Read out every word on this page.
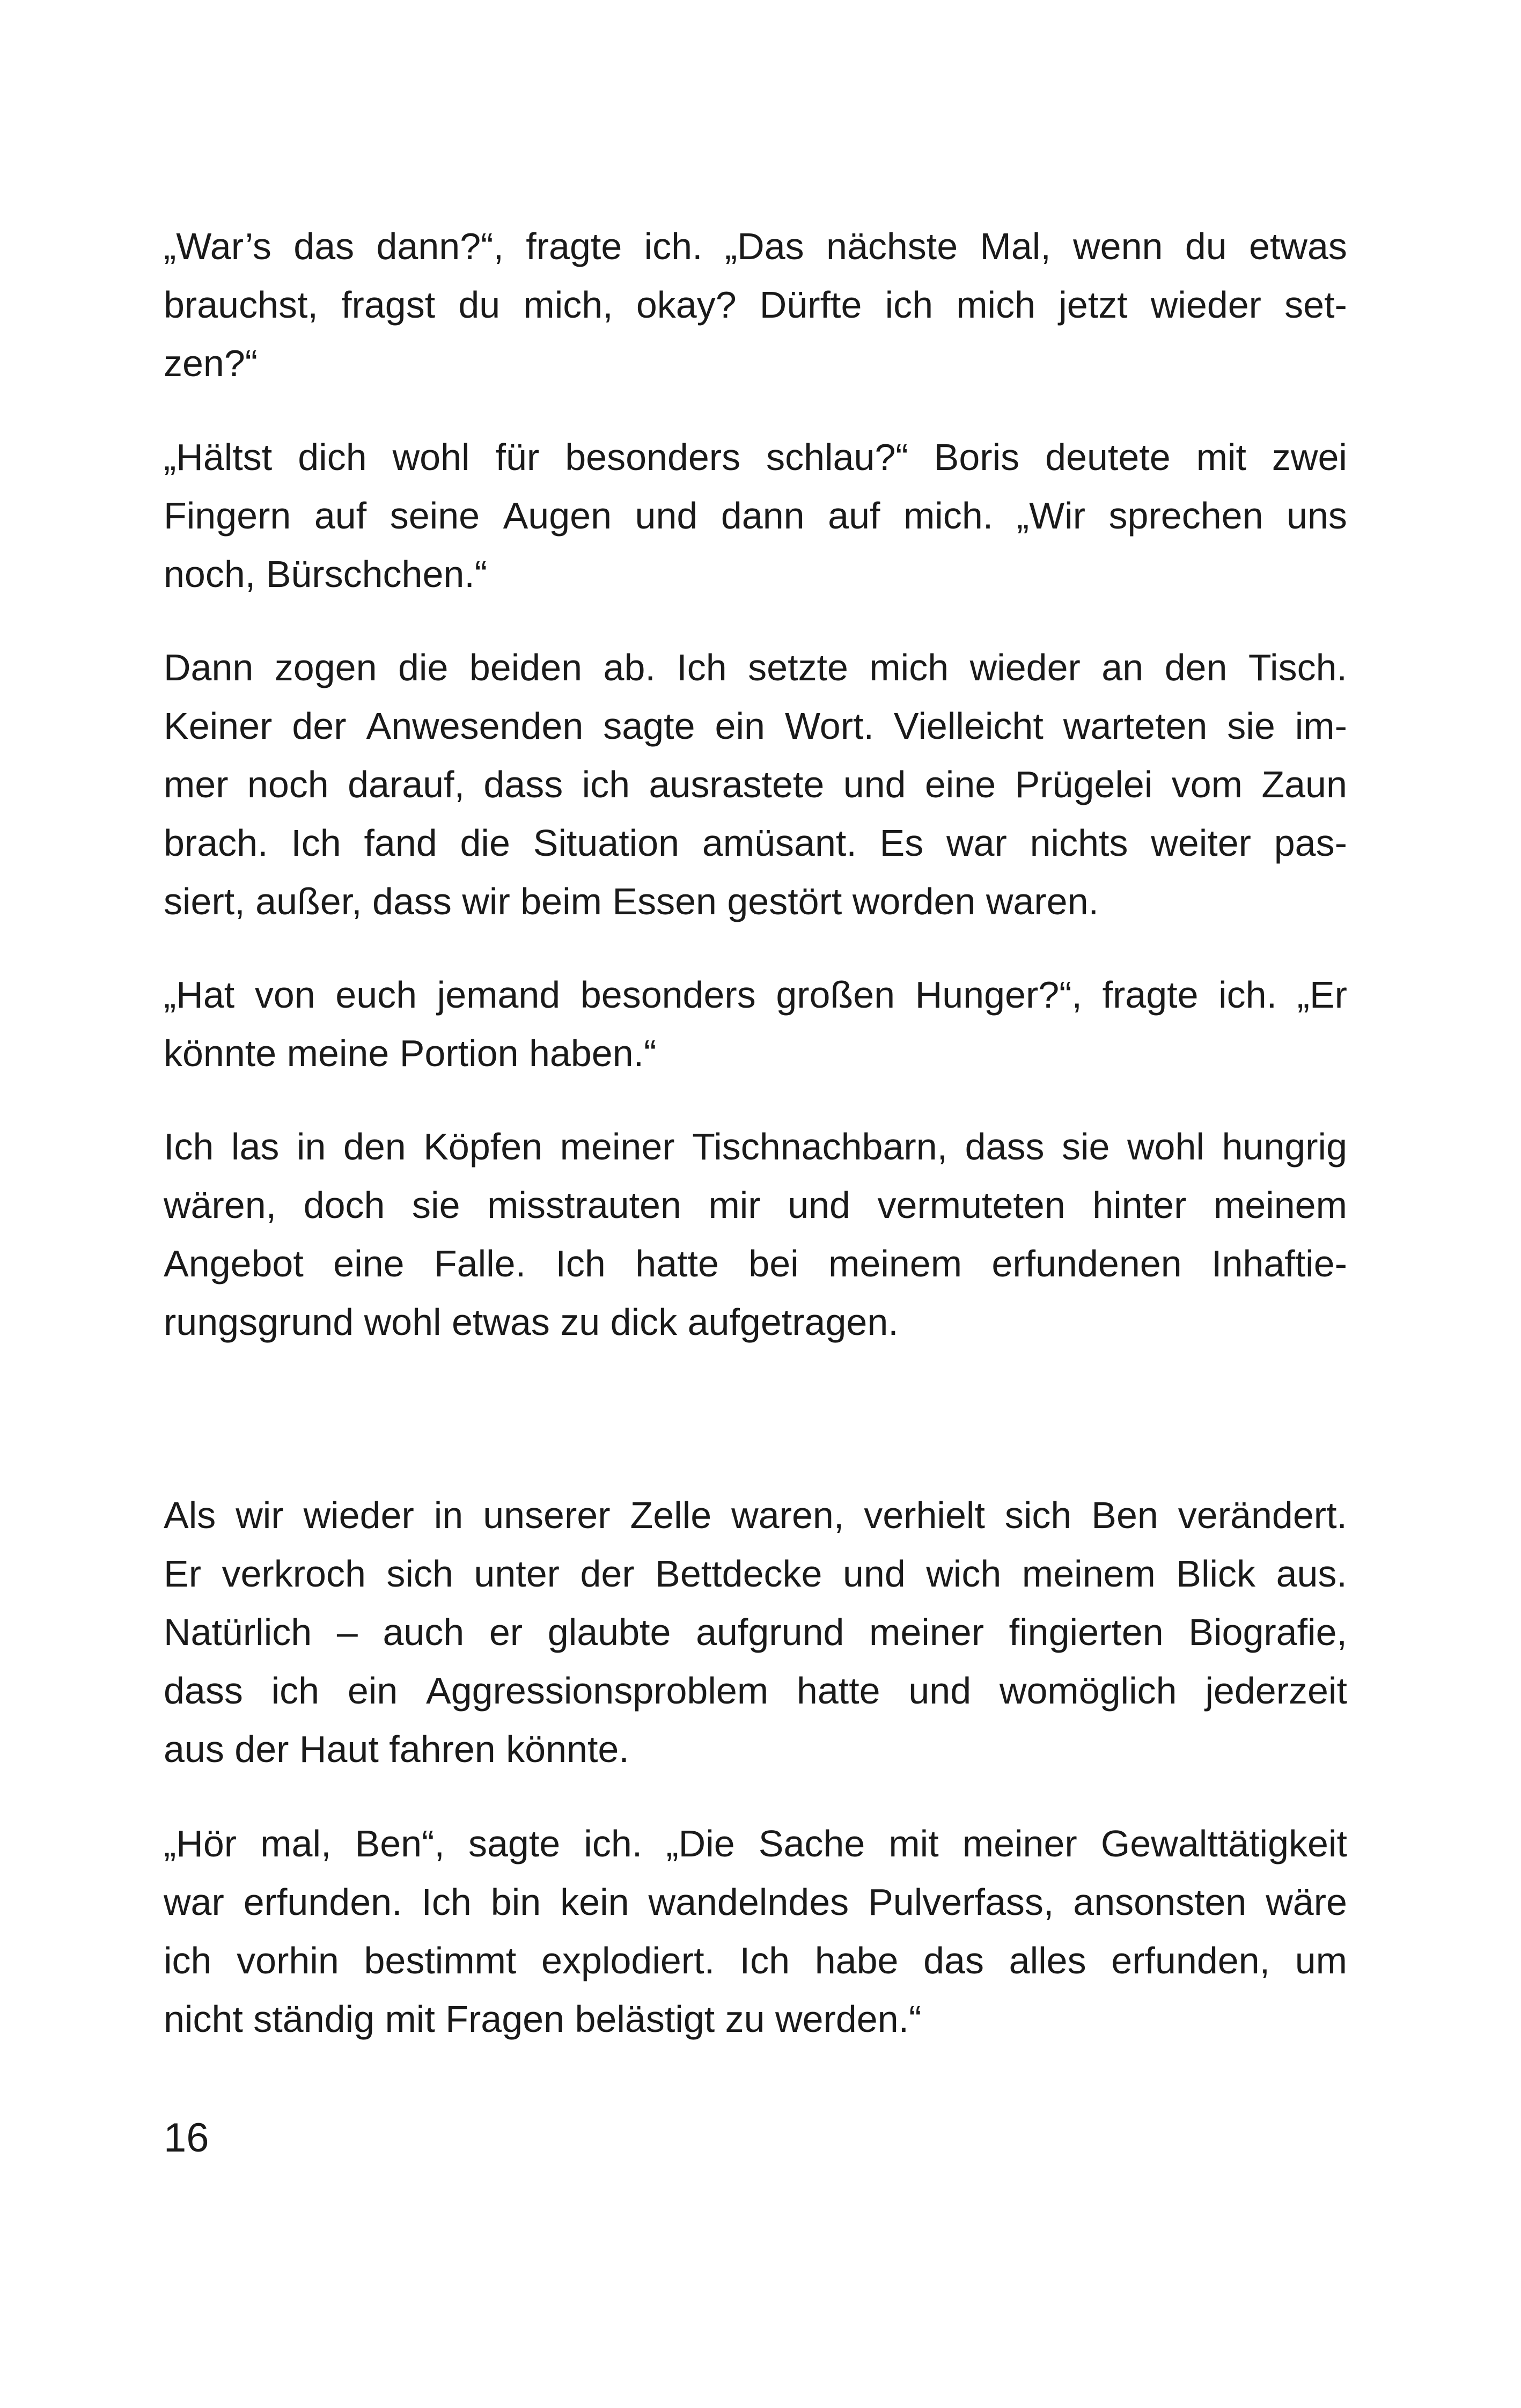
„War’s das dann?“, fragte ich. „Das nächste Mal, wenn du etwas
brauchst, fragst du mich, okay? Dürfte ich mich jetzt wieder set-
zen?“
„Hältst dich wohl für besonders schlau?“ Boris deutete mit zwei
Fingern auf seine Augen und dann auf mich. „Wir sprechen uns
noch, Bürschchen.“
Dann zogen die beiden ab. Ich setzte mich wieder an den Tisch.
Keiner der Anwesenden sagte ein Wort. Vielleicht warteten sie im-
mer noch darauf, dass ich ausrastete und eine Prügelei vom Zaun
brach. Ich fand die Situation amüsant. Es war nichts weiter pas-
siert, außer, dass wir beim Essen gestört worden waren.
„Hat von euch jemand besonders großen Hunger?“, fragte ich. „Er
könnte meine Portion haben.“
Ich las in den Köpfen meiner Tischnachbarn, dass sie wohl hungrig
wären, doch sie misstrauten mir und vermuteten hinter meinem
Angebot eine Falle. Ich hatte bei meinem erfundenen Inhaftie-
rungsgrund wohl etwas zu dick aufgetragen.
Als wir wieder in unserer Zelle waren, verhielt sich Ben verändert.
Er verkroch sich unter der Bettdecke und wich meinem Blick aus.
Natürlich – auch er glaubte aufgrund meiner fingierten Biografie,
dass ich ein Aggressionsproblem hatte und womöglich jederzeit
aus der Haut fahren könnte.
„Hör mal, Ben“, sagte ich. „Die Sache mit meiner Gewalttätigkeit
war erfunden. Ich bin kein wandelndes Pulverfass, ansonsten wäre
ich vorhin bestimmt explodiert. Ich habe das alles erfunden, um
nicht ständig mit Fragen belästigt zu werden.“
16
